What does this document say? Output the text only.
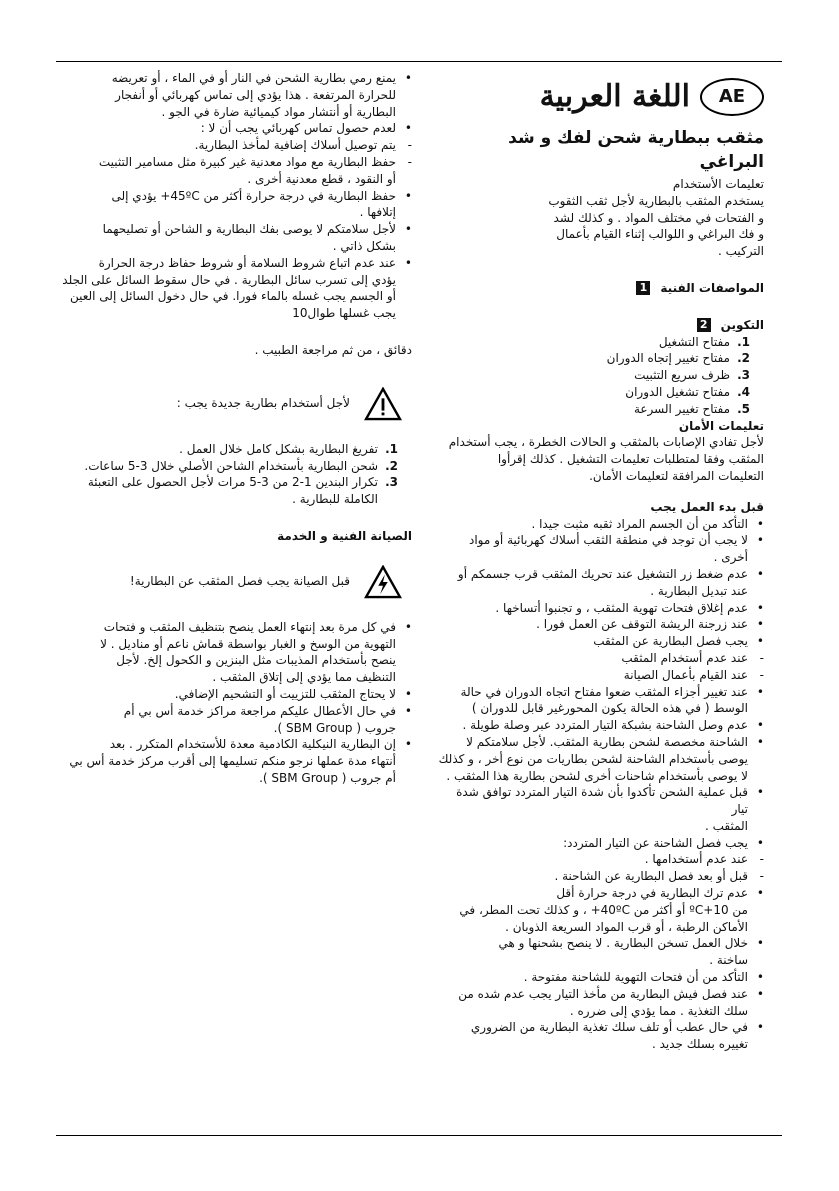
AE
اللغة العربية
مثقب ببطارية شحن لفك و شد البراغي

تعليمات الأستخدام

يستخدم المثقب بالبطارية لأجل ثقب الثقوب

و الفتحات في مختلف المواد . و كذلك لشد

و فك البراغي و اللوالب إثناء القيام بأعمال

التركيب .

المواصفات الفنية1

التكوين2

1.مفتاح التشغيل

2.مفتاح تغيير إتجاه الدوران

3.ظرف سريع التثبيت

4.مفتاح تشغيل الدوران

5.مفتاح تغيير السرعة

تعليمات الأمان

لأجل تفادي الإصابات بالمثقب و الحالات الخطرة ، يجب أستخدام

المثقب وفقا لمتطلبات تعليمات التشغيل . كذلك إقرأوا

التعليمات المرافقة لتعليمات الأمان.

قبل بدء العمل يجب

•التأكد من أن الجسم المراد ثقبه مثبت جيدا .

•لا يجب أن توجد في منطقة الثقب أسلاك كهربائية أو مواد

أخرى .

•عدم ضغط زر التشغيل عند تحريك المثقب قرب جسمكم أو

عند تبديل البطارية .

•عدم إغلاق فتحات تهوية المثقب ، و تجنبوا أتساخها .

•عند زرجنة الريشة التوقف عن العمل فورا .

•يجب فصل البطارية عن المثقب

-عند عدم أستخدام المثقب

-عند القيام بأعمال الصيانة

•عند تغيير أجزاء المثقب ضعوا مفتاح اتجاه الدوران في حالة

الوسط ( في هذه الحالة يكون المحورغير قابل للدوران )

•عدم وصل الشاحنة بشبكة التيار المتردد عبر وصلة طويلة .

•الشاحنة مخصصة لشحن بطارية المثقب. لأجل سلامتكم لا

يوصى بأستخدام الشاحنة لشحن بطاريات من نوع أخر ، و كذلك

لا يوصى بأستخدام شاحنات أخرى لشحن بطارية هذا المثقب .

•قبل عملية الشحن تأكدوا بأن شدة التيار المتردد توافق شدة تيار

المثقب .

•يجب فصل الشاحنة عن التيار المتردد:

-عند عدم أستخدامها .

-قبل أو بعد فصل البطارية عن الشاحنة .

•عدم ترك البطارية في درجة حرارة أقل

من 10+ºC أو أكثر من 40ºC+ ، و كذلك تحت المطر، في

الأماكن الرطبة ، أو قرب المواد السريعة الذوبان .

•خلال العمل تسخن البطارية . لا ينصح بشحنها و هي

ساخنة .

•التأكد من أن فتحات التهوية للشاحنة مفتوحة .

•عند فصل فيش البطارية من مأخذ التيار يجب عدم شده من

سلك التغذية . مما يؤدي إلى ضرره .

•في حال عطب أو تلف سلك تغذية البطارية من الضروري

تغييره بسلك جديد .

•يمنع رمي بطارية الشحن في النار أو في الماء ، أو تعريضه

للحرارة المرتفعة . هذا يؤدي إلى تماس كهربائي أو أنفجار

البطارية أو أنتشار مواد كيميائية ضارة في الجو .

•لعدم حصول تماس كهربائي يجب أن لا :

-يتم توصيل أسلاك إضافية لمأخذ البطارية.

-حفظ البطارية مع مواد معدنية غير كبيرة مثل مسامير التثبيت

أو النقود ، قطع معدنية أخرى .

•حفظ البطارية في درجة حرارة أكثر من 45ºC+ يؤدي إلى

إتلافها .

•لأجل سلامتكم لا يوصى بفك البطارية و الشاحن أو تصليحهما

بشكل ذاتي .

•عند عدم اتباع شروط السلامة أو شروط حفاظ درجة الحرارة

يؤدي إلى تسرب سائل البطارية . في حال سقوط السائل على الجلد

أو الجسم يجب غسله بالماء فورا. في حال دخول السائل إلى العين

يجب غسلها طوال10

دقائق ، من ثم مراجعة الطبيب .

لأجل أستخدام بطارية جديدة يجب :

1.تفريغ البطارية بشكل كامل خلال العمل .

2.شحن البطارية بأستخدام الشاحن الأصلي خلال 3-5 ساعات.

3.تكرار البندين 1-2 من 3-5 مرات لأجل الحصول على التعبئة

الكاملة للبطارية .

الصيانة الفنية و الخدمة

قبل الصيانة يجب فصل المثقب عن البطارية!

•في كل مرة بعد إنتهاء العمل ينصح بتنظيف المثقب و فتحات

التهوية من الوسخ و الغبار بواسطة قماش ناعم أو مناديل . لا

ينصح بأستخدام المذيبات مثل البنزين و الكحول إلخ. لأجل

التنظيف مما يؤدي إلى إتلاق المثقب .

•لا يحتاج المثقب للتزييت أو التشحيم الإضافي.

•في حال الأعطال عليكم مراجعة مراكز خدمة أس بي أم

جروب ( SBM Group ).

•إن البطارية النيكلية الكادمية معدة للأستخدام المتكرر . بعد

أنتهاء مدة عملها نرجو منكم تسليمها إلى أقرب مركز خدمة أس بي

أم جروب ( SBM Group ).
